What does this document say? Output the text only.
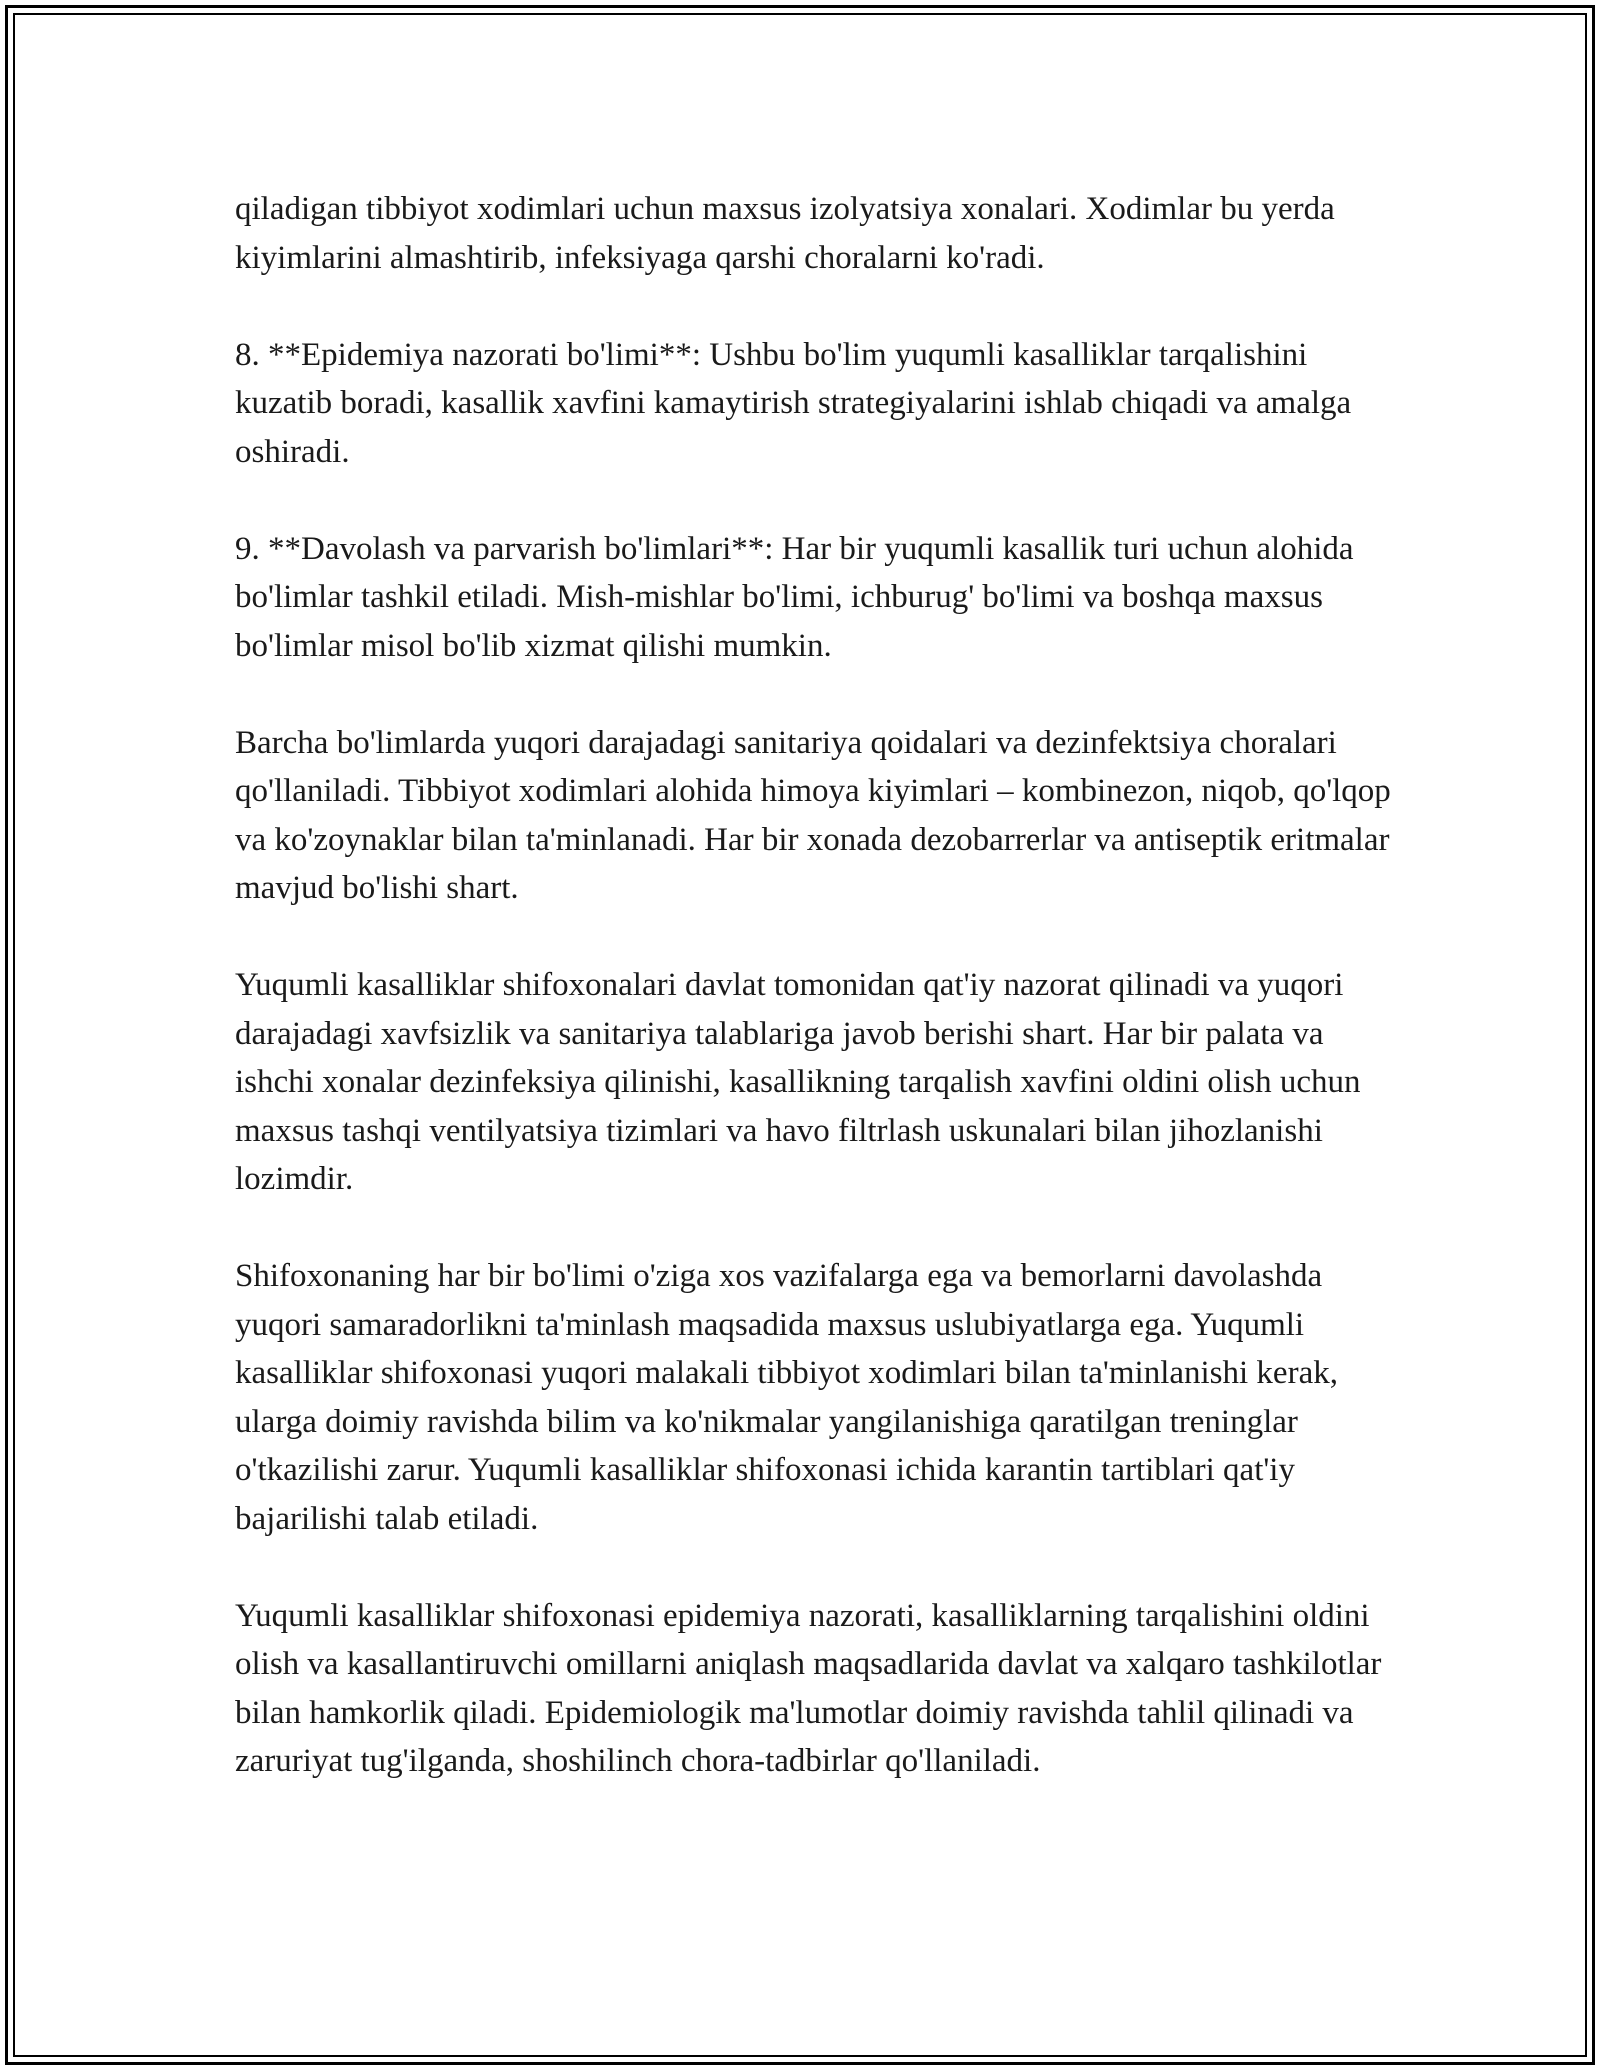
qiladigan tibbiyot xodimlari uchun maxsus izolyatsiya xonalari. Xodimlar bu yerda kiyimlarini almashtirib, infeksiyaga qarshi choralarni ko'radi.

8. **Epidemiya nazorati bo'limi**: Ushbu bo'lim yuqumli kasalliklar tarqalishini kuzatib boradi, kasallik xavfini kamaytirish strategiyalarini ishlab chiqadi va amalga oshiradi.

9. **Davolash va parvarish bo'limlari**: Har bir yuqumli kasallik turi uchun alohida bo'limlar tashkil etiladi. Mish-mishlar bo'limi, ichburug' bo'limi va boshqa maxsus bo'limlar misol bo'lib xizmat qilishi mumkin.

Barcha bo'limlarda yuqori darajadagi sanitariya qoidalari va dezinfektsiya choralari qo'llaniladi. Tibbiyot xodimlari alohida himoya kiyimlari – kombinezon, niqob, qo'lqop va ko'zoynaklar bilan ta'minlanadi. Har bir xonada dezobarrerlar va antiseptik eritmalar mavjud bo'lishi shart.

Yuqumli kasalliklar shifoxonalari davlat tomonidan qat'iy nazorat qilinadi va yuqori darajadagi xavfsizlik va sanitariya talablariga javob berishi shart. Har bir palata va ishchi xonalar dezinfeksiya qilinishi, kasallikning tarqalish xavfini oldini olish uchun maxsus tashqi ventilyatsiya tizimlari va havo filtrlash uskunalari bilan jihozlanishi lozimdir.

Shifoxonaning har bir bo'limi o'ziga xos vazifalarga ega va bemorlarni davolashda yuqori samaradorlikni ta'minlash maqsadida maxsus uslubiyatlarga ega. Yuqumli kasalliklar shifoxonasi yuqori malakali tibbiyot xodimlari bilan ta'minlanishi kerak, ularga doimiy ravishda bilim va ko'nikmalar yangilanishiga qaratilgan treninglar o'tkazilishi zarur. Yuqumli kasalliklar shifoxonasi ichida karantin tartiblari qat'iy bajarilishi talab etiladi.

Yuqumli kasalliklar shifoxonasi epidemiya nazorati, kasalliklarning tarqalishini oldini olish va kasallantiruvchi omillarni aniqlash maqsadlarida davlat va xalqaro tashkilotlar bilan hamkorlik qiladi. Epidemiologik ma'lumotlar doimiy ravishda tahlil qilinadi va zaruriyat tug'ilganda, shoshilinch chora-tadbirlar qo'llaniladi.
